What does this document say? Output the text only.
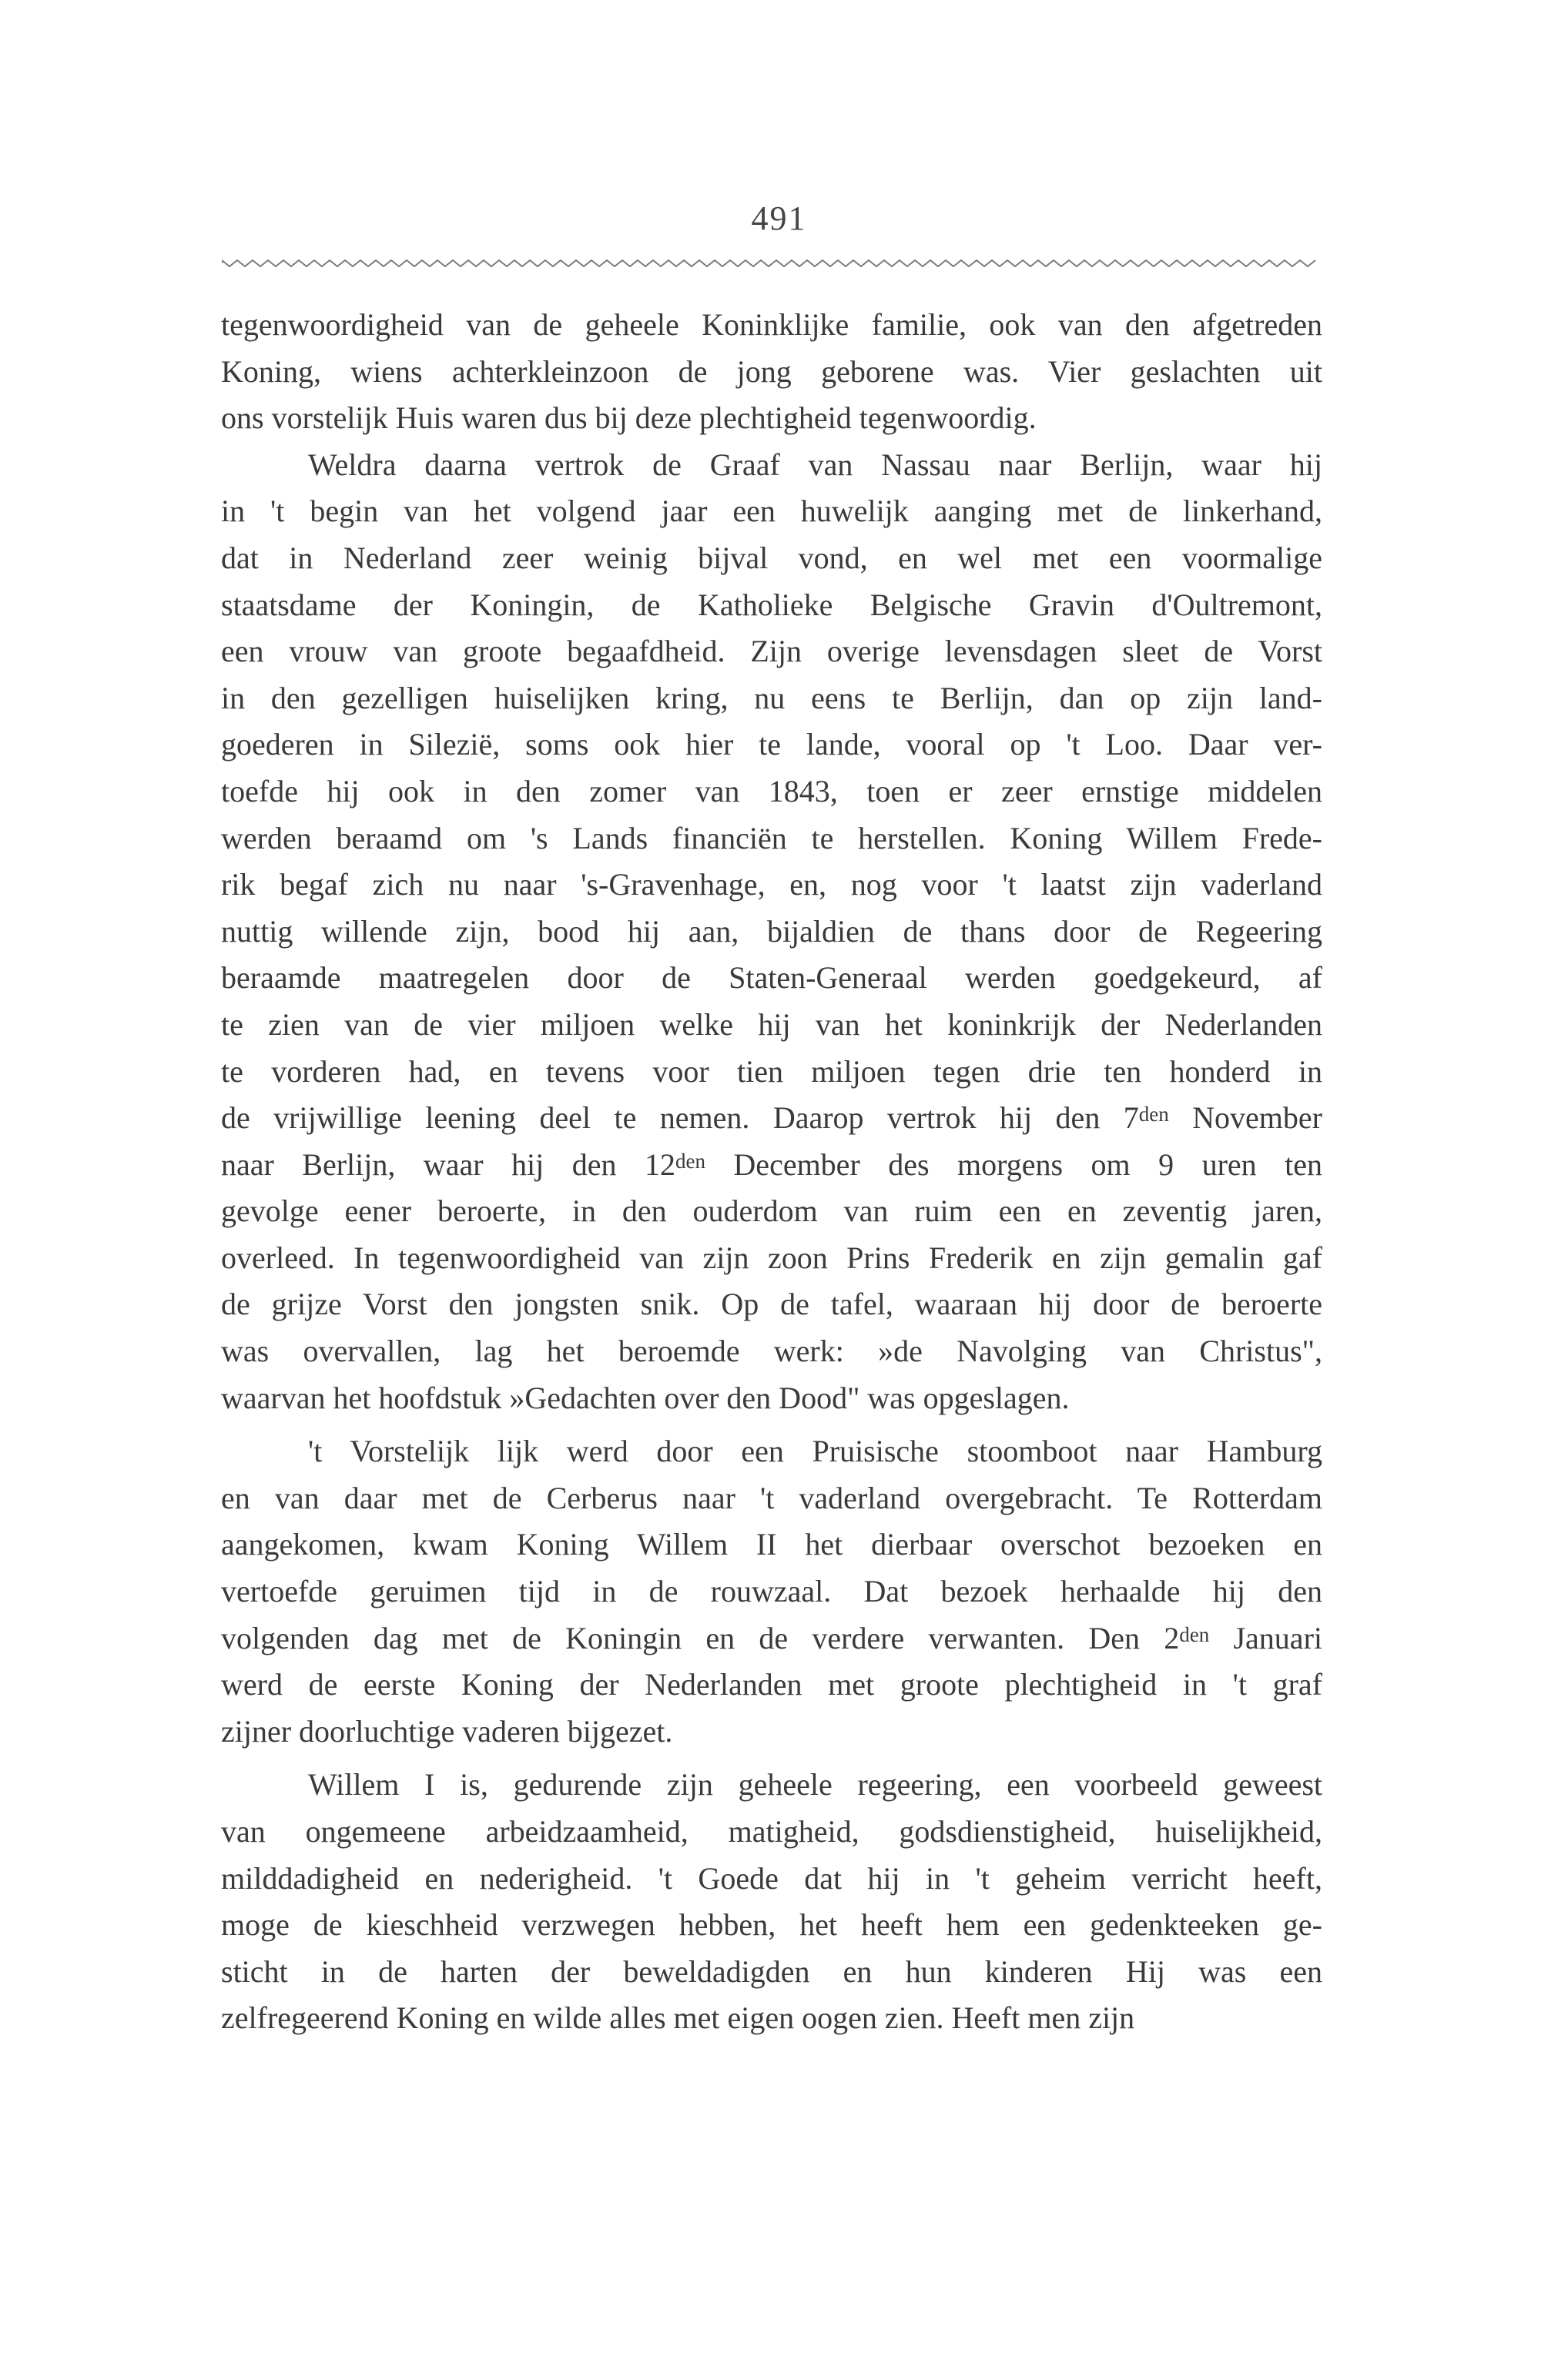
491
tegenwoordigheid van de geheele Koninklijke familie, ook van den afgetreden
Koning, wiens achterkleinzoon de jong geborene was. Vier geslachten uit
ons vorstelijk Huis waren dus bij deze plechtigheid tegenwoordig.
Weldra daarna vertrok de Graaf van Nassau naar Berlijn, waar hij
in 't begin van het volgend jaar een huwelijk aanging met de linkerhand,
dat in Nederland zeer weinig bijval vond, en wel met een voormalige
staatsdame der Koningin, de Katholieke Belgische Gravin d'Oultremont,
een vrouw van groote begaafdheid. Zijn overige levensdagen sleet de Vorst
in den gezelligen huiselijken kring, nu eens te Berlijn, dan op zijn land-
goederen in Silezië, soms ook hier te lande, vooral op 't Loo. Daar ver-
toefde hij ook in den zomer van 1843, toen er zeer ernstige middelen
werden beraamd om 's Lands financiën te herstellen. Koning Willem Frede-
rik begaf zich nu naar 's-Gravenhage, en, nog voor 't laatst zijn vaderland
nuttig willende zijn, bood hij aan, bijaldien de thans door de Regeering
beraamde maatregelen door de Staten-Generaal werden goedgekeurd, af
te zien van de vier miljoen welke hij van het koninkrijk der Nederlanden
te vorderen had, en tevens voor tien miljoen tegen drie ten honderd in
de vrijwillige leening deel te nemen. Daarop vertrok hij den $7^{den}$ November
naar Berlijn, waar hij den $12^{den}$ December des morgens om 9 uren ten
gevolge eener beroerte, in den ouderdom van ruim een en zeventig jaren,
overleed. In tegenwoordigheid van zijn zoon Prins Frederik en zijn gemalin gaf
de grijze Vorst den jongsten snik. Op de tafel, waaraan hij door de beroerte
was overvallen, lag het beroemde werk: »de Navolging van Christus",
waarvan het hoofdstuk »Gedachten over den Dood" was opgeslagen.
't Vorstelijk lijk werd door een Pruisische stoomboot naar Hamburg
en van daar met de Cerberus naar 't vaderland overgebracht. Te Rotterdam
aangekomen, kwam Koning Willem II het dierbaar overschot bezoeken en
vertoefde geruimen tijd in de rouwzaal. Dat bezoek herhaalde hij den
volgenden dag met de Koningin en de verdere verwanten. Den $2^{den}$ Januari
werd de eerste Koning der Nederlanden met groote plechtigheid in 't graf
zijner doorluchtige vaderen bijgezet.
Willem I is, gedurende zijn geheele regeering, een voorbeeld geweest
van ongemeene arbeidzaamheid, matigheid, godsdienstigheid, huiselijkheid,
milddadigheid en nederigheid. 't Goede dat hij in 't geheim verricht heeft,
moge de kieschheid verzwegen hebben, het heeft hem een gedenkteeken ge-
sticht in de harten der beweldadigden en hun kinderen Hij was een
zelfregeerend Koning en wilde alles met eigen oogen zien. Heeft men zijn
